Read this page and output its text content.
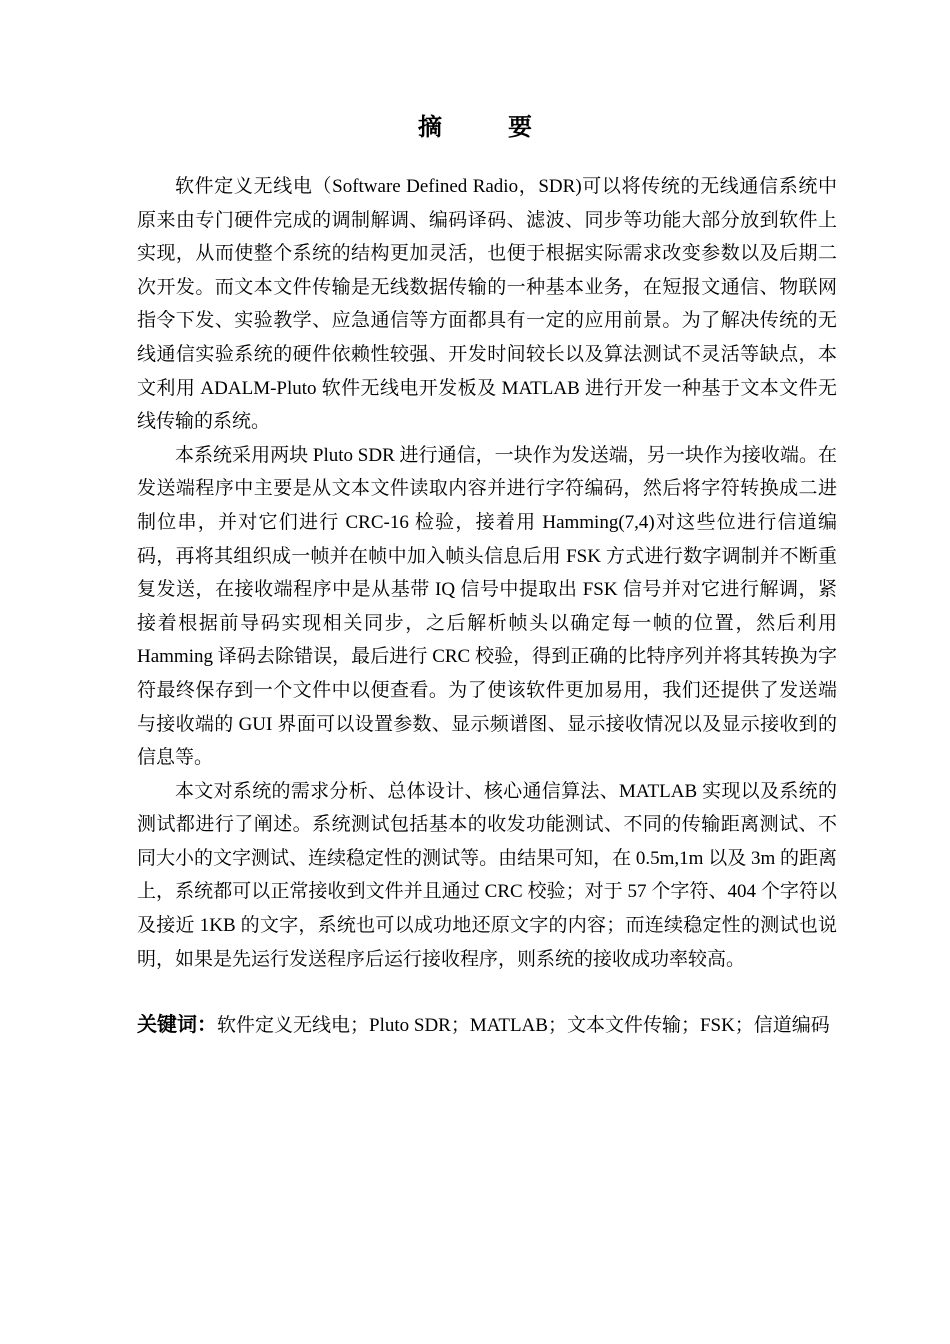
摘 要

软件定义无线电（Software Defined Radio，SDR)可以将传统的无线通信系统中原来由专门硬件完成的调制解调、编码译码、滤波、同步等功能大部分放到软件上实现，从而使整个系统的结构更加灵活，也便于根据实际需求改变参数以及后期二次开发。而文本文件传输是无线数据传输的一种基本业务，在短报文通信、物联网指令下发、实验教学、应急通信等方面都具有一定的应用前景。为了解决传统的无线通信实验系统的硬件依赖性较强、开发时间较长以及算法测试不灵活等缺点，本文利用 ADALM-Pluto 软件无线电开发板及 MATLAB 进行开发一种基于文本文件无线传输的系统。

本系统采用两块 Pluto SDR 进行通信，一块作为发送端，另一块作为接收端。在发送端程序中主要是从文本文件读取内容并进行字符编码，然后将字符转换成二进制位串，并对它们进行 CRC-16 检验，接着用 Hamming(7,4)对这些位进行信道编码，再将其组织成一帧并在帧中加入帧头信息后用 FSK 方式进行数字调制并不断重复发送，在接收端程序中是从基带 IQ 信号中提取出 FSK 信号并对它进行解调，紧接着根据前导码实现相关同步，之后解析帧头以确定每一帧的位置，然后利用 Hamming 译码去除错误，最后进行 CRC 校验，得到正确的比特序列并将其转换为字符最终保存到一个文件中以便查看。为了使该软件更加易用，我们还提供了发送端与接收端的 GUI 界面可以设置参数、显示频谱图、显示接收情况以及显示接收到的信息等。

本文对系统的需求分析、总体设计、核心通信算法、MATLAB 实现以及系统的测试都进行了阐述。系统测试包括基本的收发功能测试、不同的传输距离测试、不同大小的文字测试、连续稳定性的测试等。由结果可知，在 0.5m,1m 以及 3m 的距离上，系统都可以正常接收到文件并且通过 CRC 校验；对于 57 个字符、404 个字符以及接近 1KB 的文字，系统也可以成功地还原文字的内容；而连续稳定性的测试也说明，如果是先运行发送程序后运行接收程序，则系统的接收成功率较高。

关键词：软件定义无线电；Pluto SDR；MATLAB；文本文件传输；FSK；信道编码
